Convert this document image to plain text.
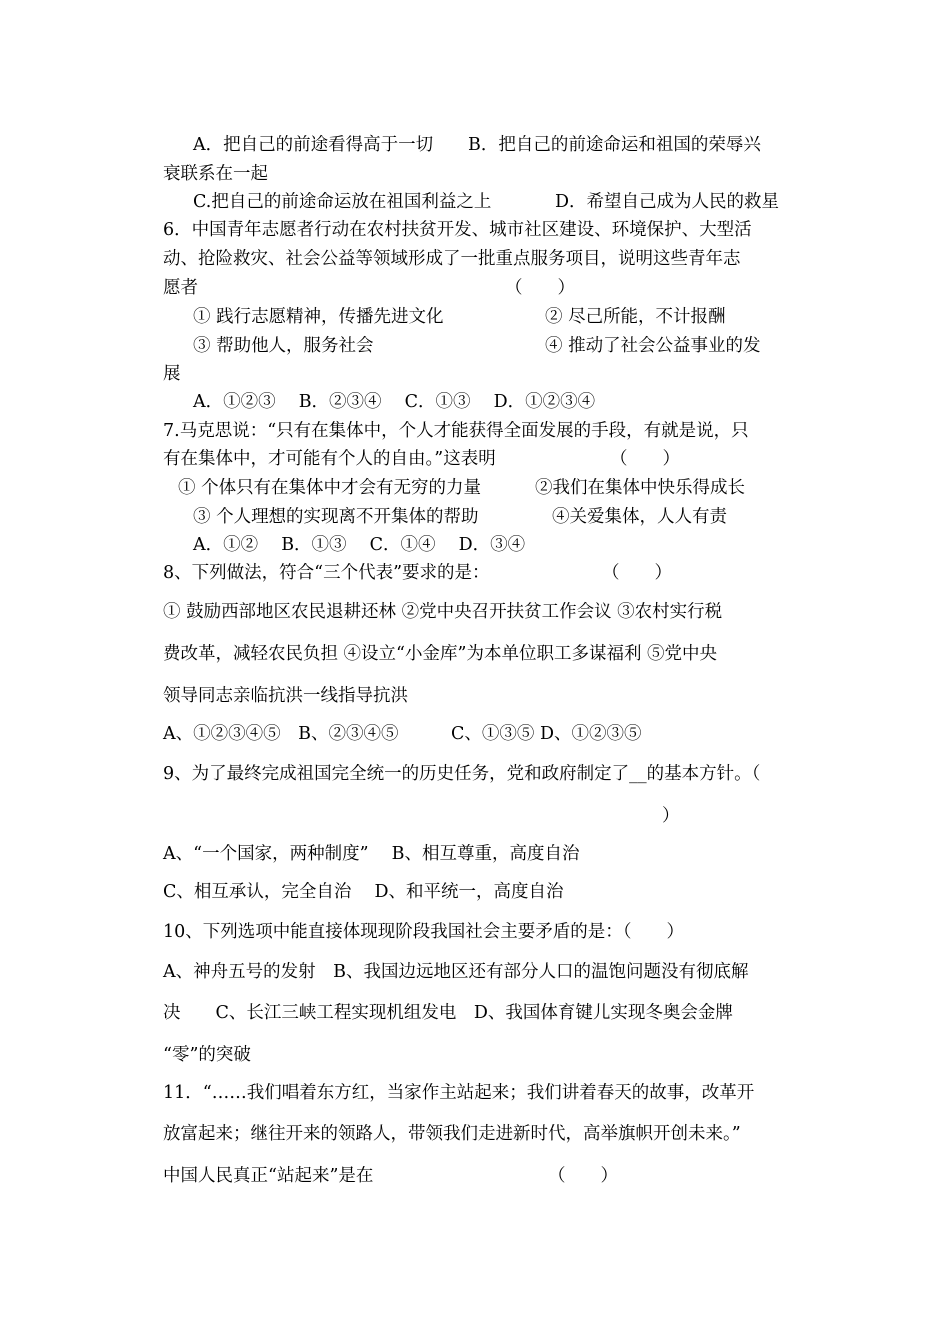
A．把自己的前途看得高于一切 B．把自己的前途命运和祖国的荣辱兴
衰联系在一起
C.把自己的前途命运放在祖国利益之上	D．希望自己成为人民的救星
6．中国青年志愿者行动在农村扶贫开发、城市社区建设、环境保护、大型活
动、抢险救灾、社会公益等领域形成了一批重点服务项目，说明这些青年志
愿者	（　　）
① 践行志愿精神，传播先进文化	② 尽己所能，不计报酬
③ 帮助他人，服务社会	④ 推动了社会公益事业的发
展
A．①②③　 B．②③④　 C．①③　 D．①②③④
7.马克思说：“只有在集体中，个人才能获得全面发展的手段，有就是说，只
有在集体中，才可能有个人的自由。”这表明	（　　）
① 个体只有在集体中才会有无穷的力量	②我们在集体中快乐得成长
③ 个人理想的实现离不开集体的帮助	④关爱集体，人人有责
A．①②　 B．①③　 C．①④　 D．③④
8、下列做法，符合“三个代表”要求的是：	（　　）
① 鼓励西部地区农民退耕还林 ②党中央召开扶贫工作会议 ③农村实行税
费改革，减轻农民负担 ④设立“小金库”为本单位职工多谋福利 ⑤党中央
领导同志亲临抗洪一线指导抗洪
A、①②③④⑤　B、②③④⑤　　　C、①③⑤ D、①②③⑤
9、为了最终完成祖国完全统一的历史任务，党和政府制定了__的基本方针。（
）
A、“一个国家，两种制度”　 B、相互尊重，高度自治
C、相互承认，完全自治　 D、和平统一，高度自治
10、下列选项中能直接体现现阶段我国社会主要矛盾的是：（　　）
A、神舟五号的发射　B、我国边远地区还有部分人口的温饱问题没有彻底解
决　　C、长江三峡工程实现机组发电　D、我国体育键儿实现冬奥会金牌
“零”的突破
11．“……我们唱着东方红，当家作主站起来；我们讲着春天的故事，改革开
放富起来；继往开来的领路人，带领我们走进新时代，高举旗帜开创未来。”
中国人民真正“站起来”是在	（　　）
